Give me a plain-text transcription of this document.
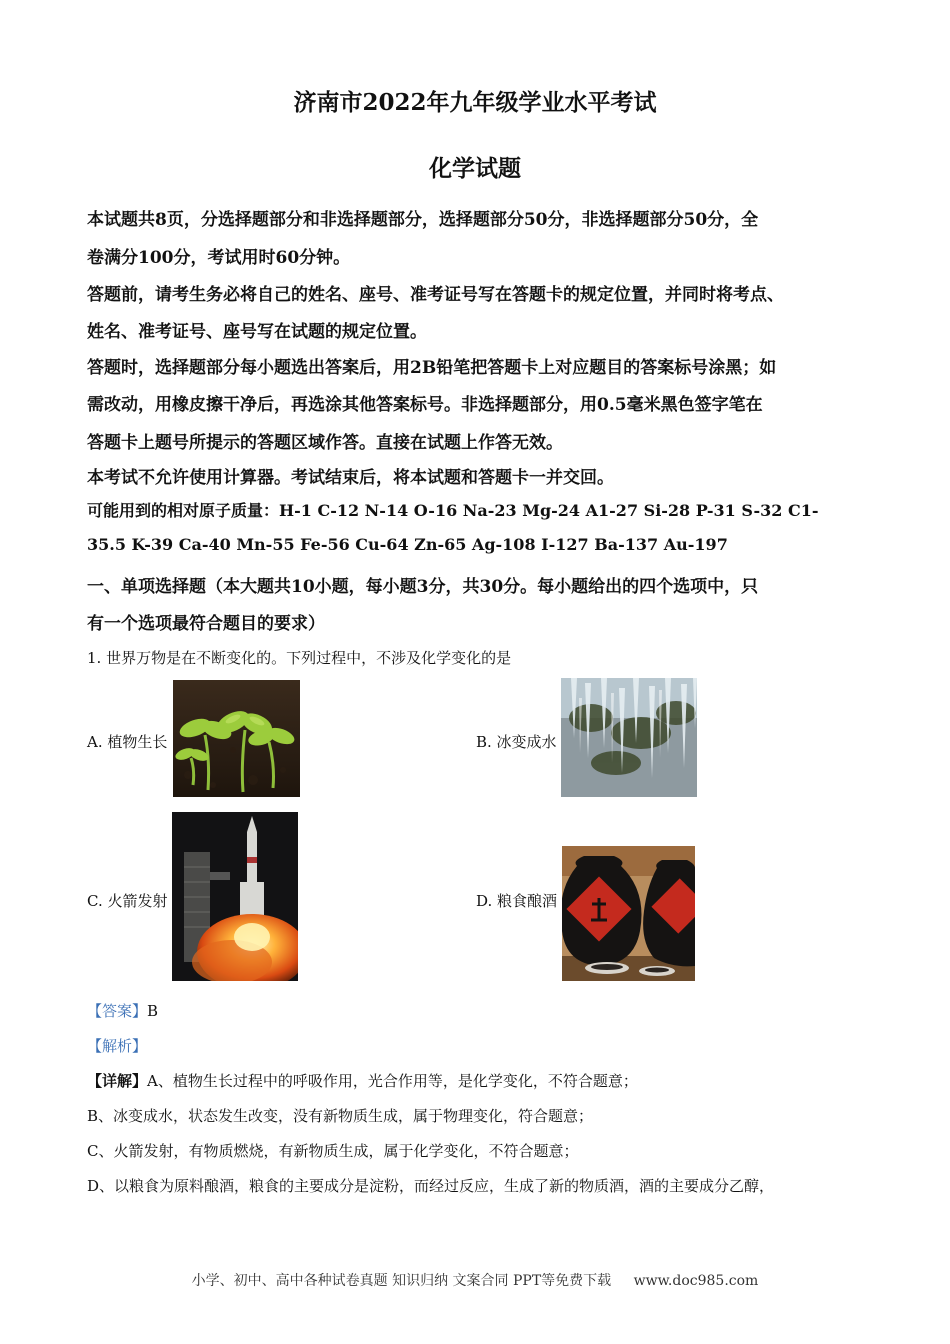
济南市2022年九年级学业水平考试
化学试题
本试题共8页，分选择题部分和非选择题部分，选择题部分50分，非选择题部分50分，全
卷满分100分，考试用时60分钟。
答题前，请考生务必将自己的姓名、座号、准考证号写在答题卡的规定位置，并同时将考点、
姓名、准考证号、座号写在试题的规定位置。
答题时，选择题部分每小题选出答案后，用2B铅笔把答题卡上对应题目的答案标号涂黑；如
需改动，用橡皮擦干净后，再选涂其他答案标号。非选择题部分，用0.5毫米黑色签字笔在
答题卡上题号所提示的答题区域作答。直接在试题上作答无效。
本考试不允许使用计算器。考试结束后，将本试题和答题卡一并交回。
可能用到的相对原子质量：H-1 C-12 N-14 O-16 Na-23 Mg-24 A1-27 Si-28 P-31 S-32 C1-
35.5 K-39 Ca-40 Mn-55 Fe-56 Cu-64 Zn-65 Ag-108 I-127 Ba-137 Au-197
一、单项选择题（本大题共10小题，每小题3分，共30分。每小题给出的四个选项中，只
有一个选项最符合题目的要求）
1. 世界万物是在不断变化的。下列过程中，不涉及化学变化的是
A. 植物生长	B. 冰变成水
C. 火箭发射	D. 粮食酿酒
【答案】B
【解析】
【详解】A、植物生长过程中的呼吸作用，光合作用等，是化学变化，不符合题意；
B、冰变成水，状态发生改变，没有新物质生成，属于物理变化，符合题意；
C、火箭发射，有物质燃烧，有新物质生成，属于化学变化，不符合题意；
D、以粮食为原料酿酒，粮食的主要成分是淀粉，而经过反应，生成了新的物质酒，酒的主要成分乙醇，
小学、初中、高中各种试卷真题 知识归纳 文案合同 PPT等免费下载 www.doc985.com
